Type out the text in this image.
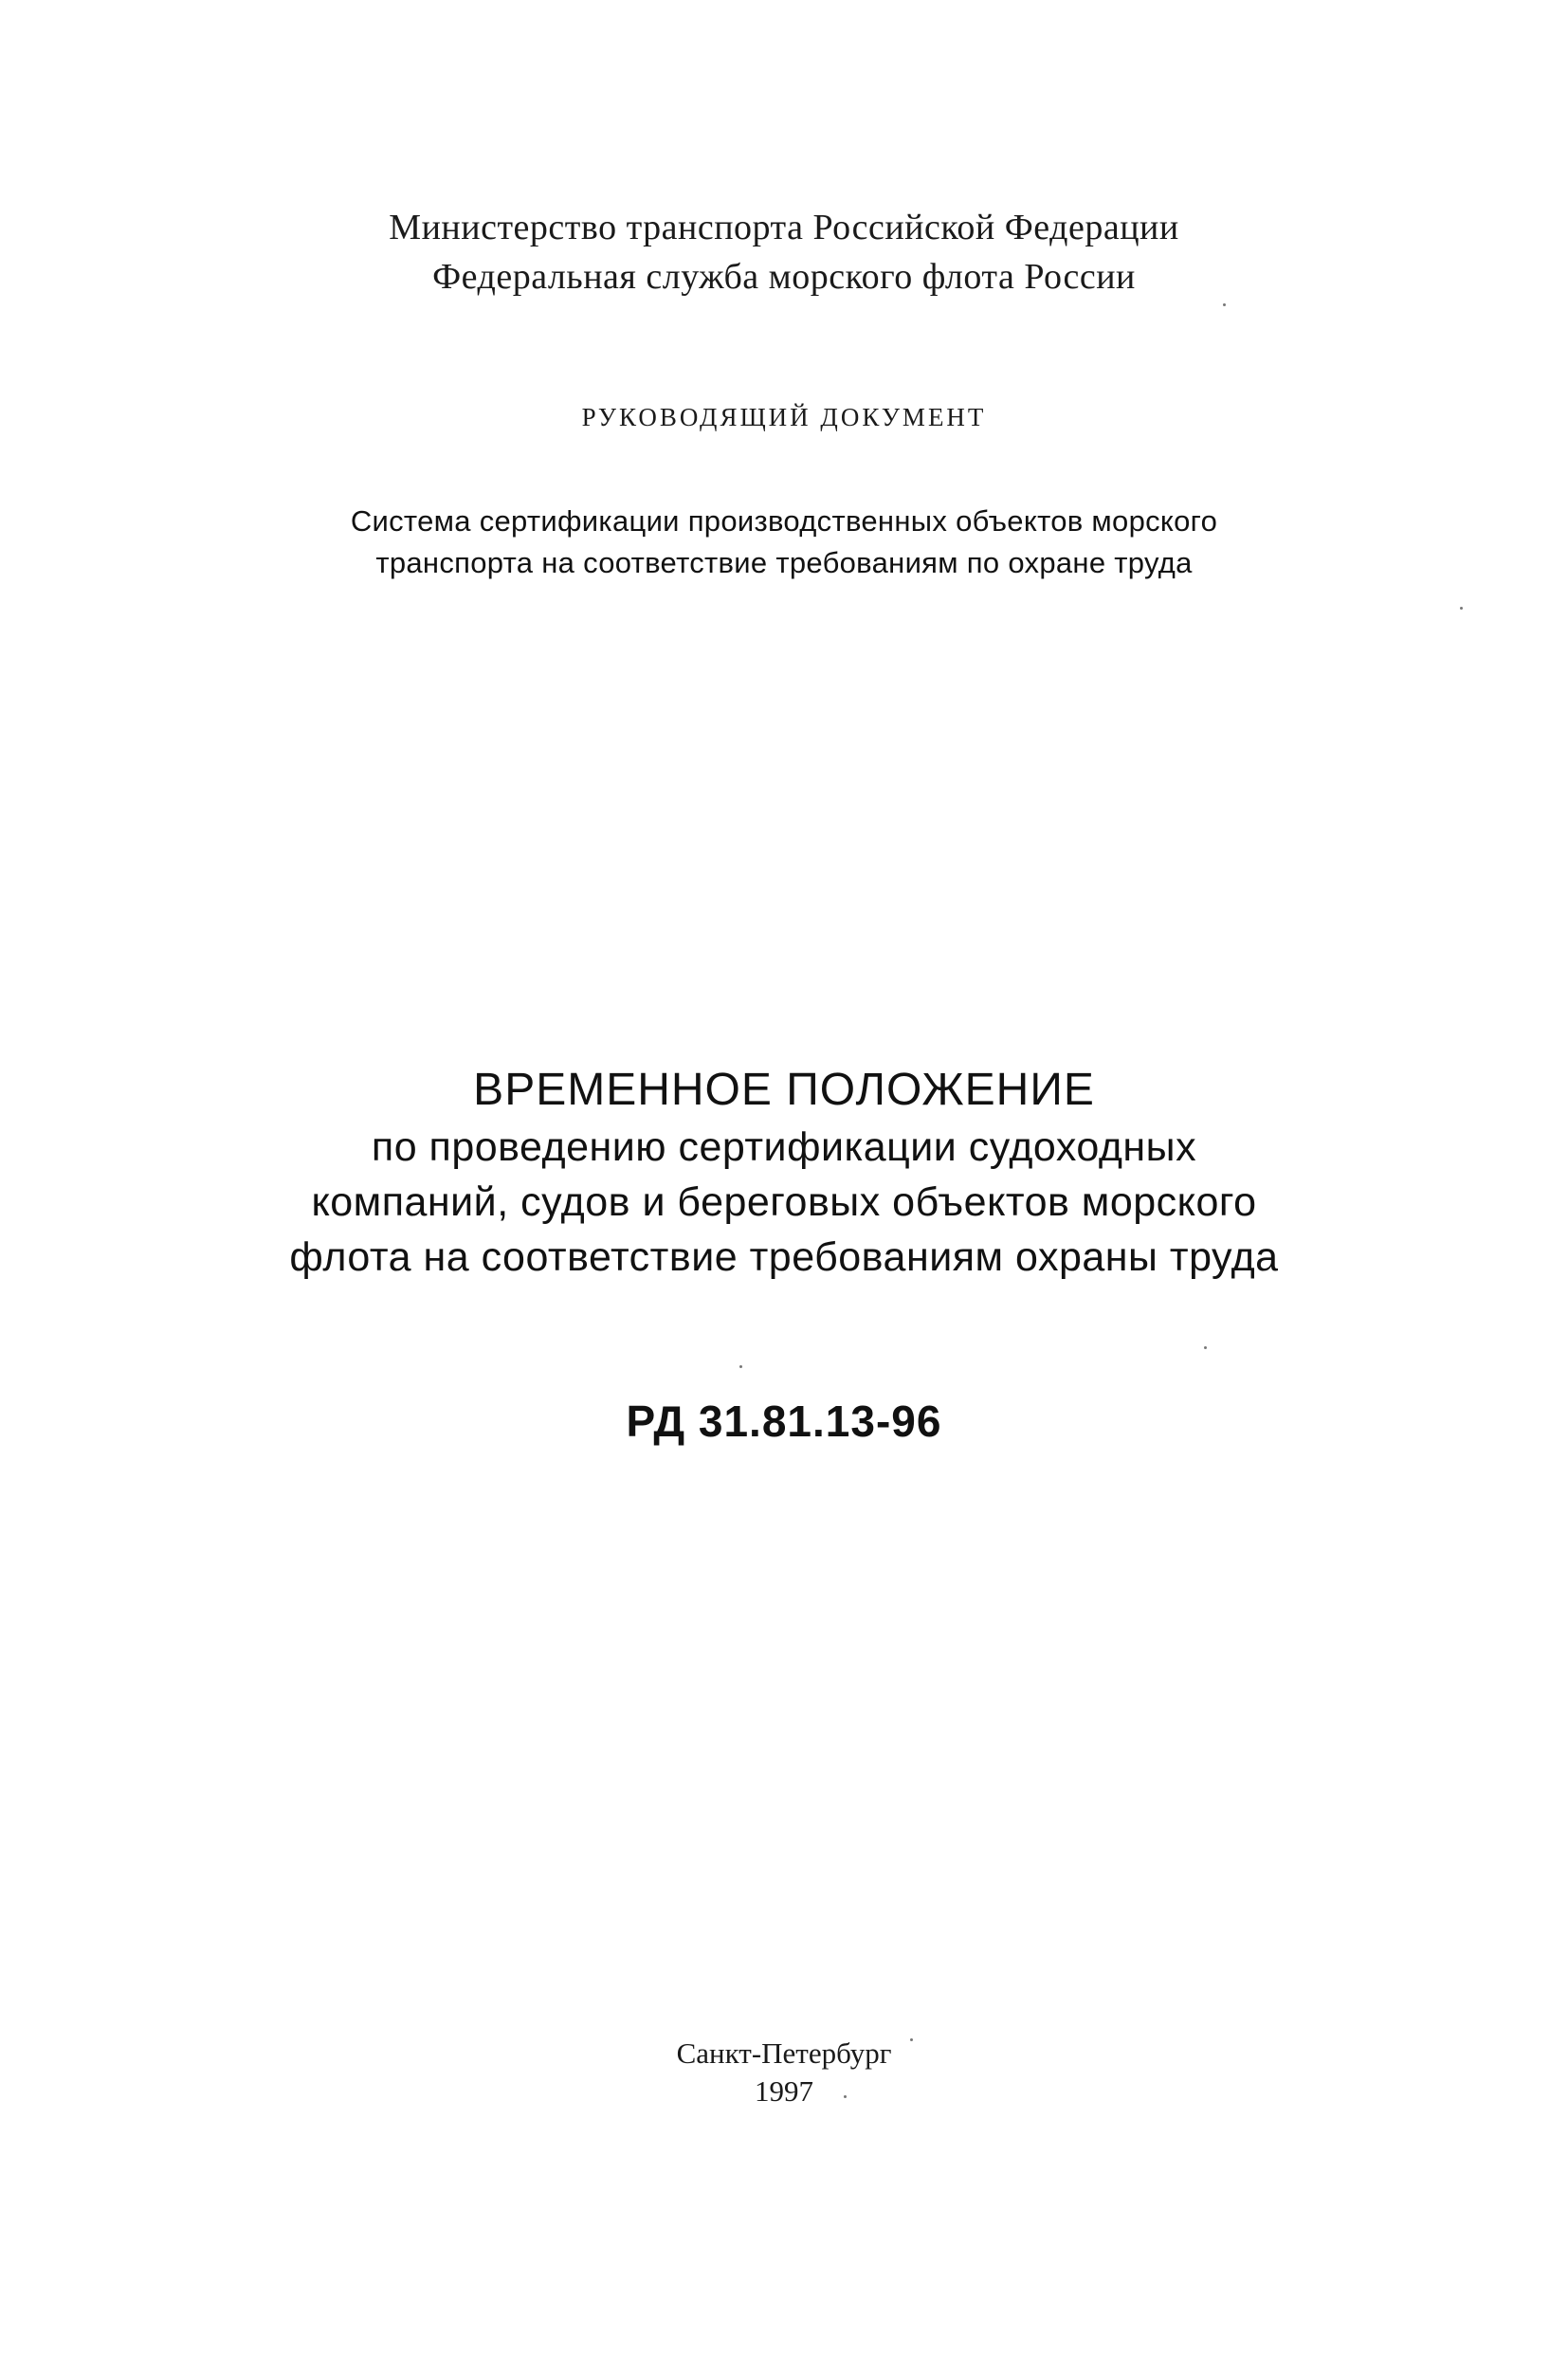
Министерство транспорта Российской Федерации

Федеральная служба морского флота России

РУКОВОДЯЩИЙ ДОКУМЕНТ

Система сертификации производственных объектов морского

транспорта на соответствие требованиям по охране труда

ВРЕМЕННОЕ ПОЛОЖЕНИЕ

по проведению сертификации судоходных

компаний, судов и береговых объектов морского

флота на соответствие требованиям охраны труда

РД 31.81.13-96

Санкт-Петербург

1997
